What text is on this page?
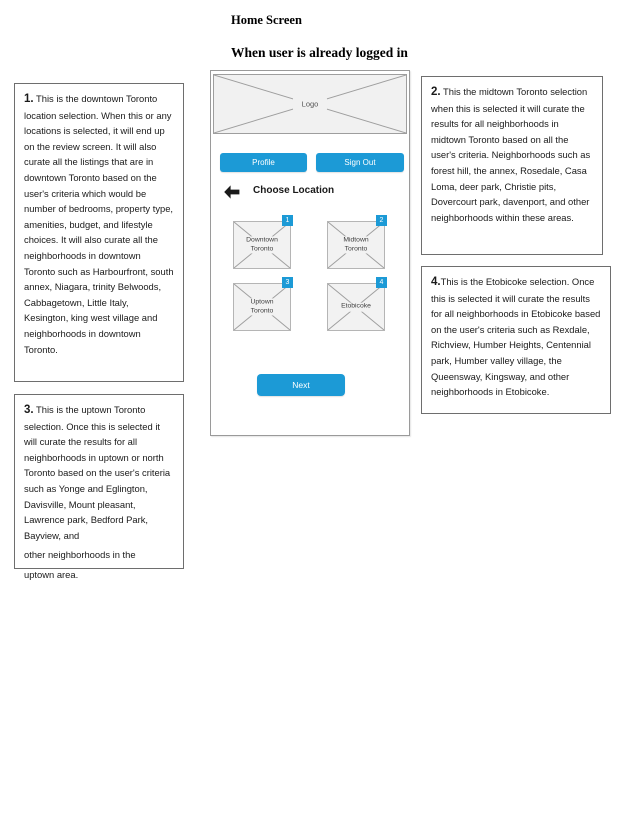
Home Screen
When user is already logged in
1. This is the downtown Toronto location selection. When this or any locations is selected, it will end up on the review screen. It will also curate all the listings that are in downtown Toronto based on the user's criteria which would be number of bedrooms, property type, amenities, budget, and lifestyle choices. It will also curate all the neighborhoods in downtown Toronto such as Harbourfront, south annex, Niagara, trinity Belwoods, Cabbagetown, Little Italy, Kesington, king west village and neighborhoods in downtown Toronto.
3. This is the uptown Toronto selection. Once this is selected it will curate the results for all neighborhoods in uptown or north Toronto based on the user's criteria such as Yonge and Eglington, Davisville, Mount pleasant, Lawrence park, Bedford Park, Bayview, and
other neighborhoods in the
uptown area.
2. This the midtown Toronto selection when this is selected it will curate the results for all neighborhoods in midtown Toronto based on all the user's criteria. Neighborhoods such as forest hill, the annex, Rosedale, Casa Loma, deer park, Christie pits, Dovercourt park, davenport, and other neighborhoods within these areas.
4.This is the Etobicoke selection. Once this is selected it will curate the results for all neighborhoods in Etobicoke based on the user's criteria such as Rexdale, Richview, Humber Heights, Centennial park, Humber valley village, the Queensway, Kingsway, and other neighborhoods in Etobicoke.
Logo
Profile	Sign Out
Choose Location
Downtown
Toronto
1
Midtown
Toronto
2
Uptown
Toronto
3
Etobicoke
4
Next
